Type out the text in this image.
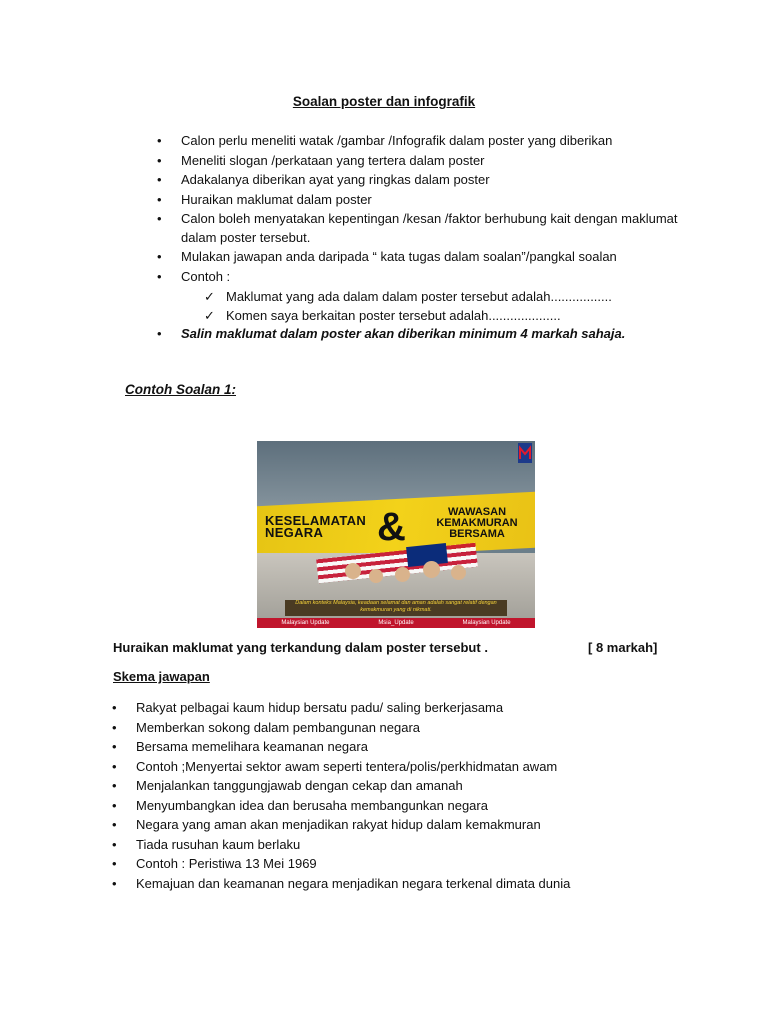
Soalan poster dan infografik
• Calon perlu meneliti watak /gambar /Infografik dalam poster yang diberikan
• Meneliti slogan /perkataan yang tertera dalam poster
• Adakalanya diberikan ayat yang ringkas dalam poster
• Huraikan maklumat dalam poster
• Calon boleh menyatakan kepentingan /kesan /faktor berhubung kait dengan maklumat dalam poster tersebut.
• Mulakan jawapan anda daripada “ kata tugas dalam soalan”/pangkal soalan
• Contoh :
✓ Maklumat yang ada dalam dalam poster tersebut adalah.................
✓ Komen saya berkaitan poster tersebut adalah....................
• Salin maklumat dalam poster akan diberikan minimum 4 markah sahaja.
Contoh Soalan 1:
KESELAMATAN
NEGARA	&	WAWASAN
KEMAKMURAN
BERSAMA
Dalam konteks Malaysia, keadaan selamat dan aman adalah sangat relatif dengan kemakmuran yang di nikmati.
Malaysian Update	Msia_Update	Malaysian Update
Huraikan maklumat yang terkandung dalam poster tersebut .	[ 8 markah]
Skema jawapan
• Rakyat pelbagai kaum hidup bersatu padu/ saling berkerjasama
• Memberkan sokong dalam pembangunan negara
• Bersama memelihara keamanan negara
• Contoh ;Menyertai sektor awam seperti tentera/polis/perkhidmatan awam
• Menjalankan tanggungjawab dengan cekap dan amanah
• Menyumbangkan idea dan berusaha membangunkan negara
• Negara yang aman akan menjadikan rakyat hidup dalam kemakmuran
• Tiada rusuhan kaum berlaku
• Contoh : Peristiwa 13 Mei 1969
• Kemajuan dan keamanan negara menjadikan negara terkenal dimata dunia
